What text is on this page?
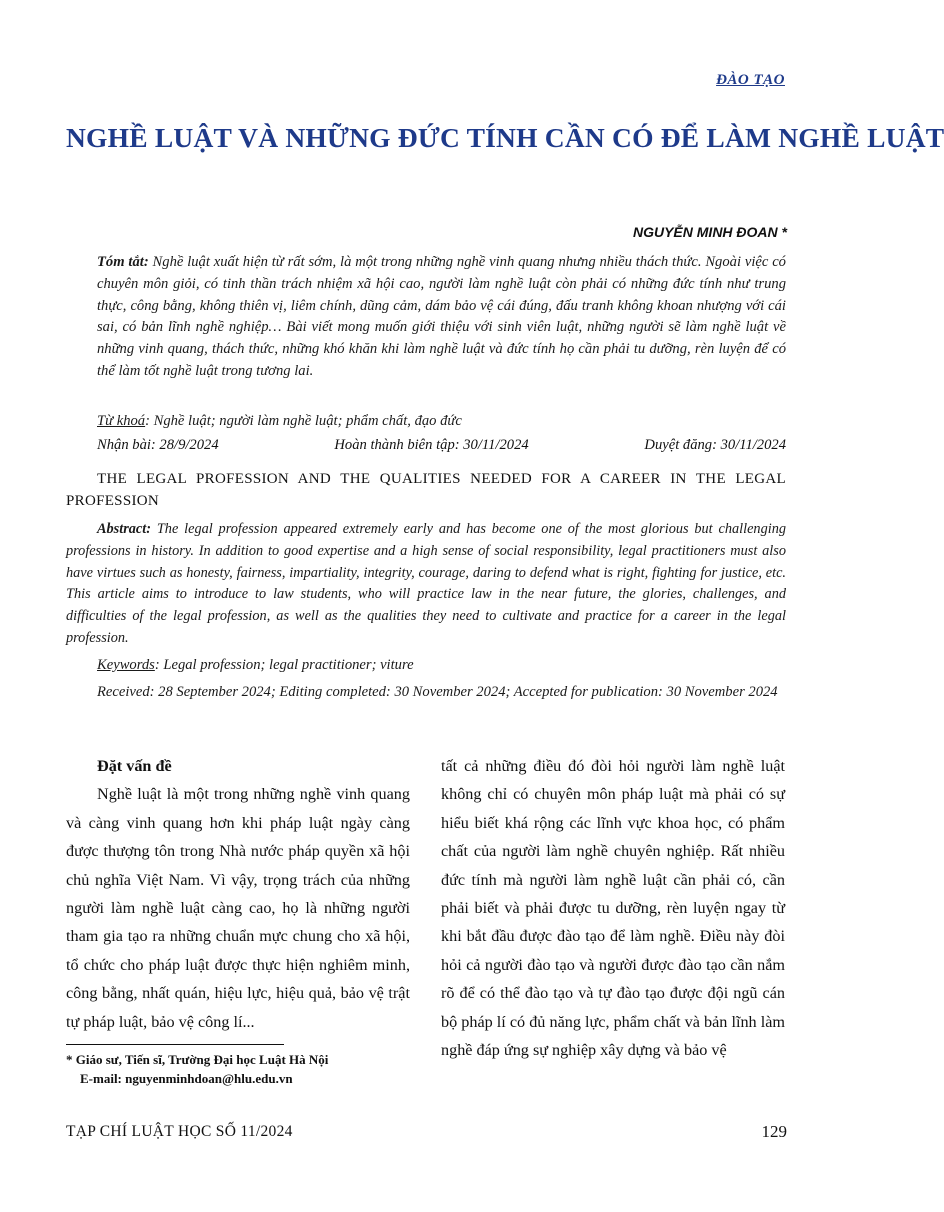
ĐÀO TẠO
NGHỀ LUẬT VÀ NHỮNG ĐỨC TÍNH CẦN CÓ ĐỂ LÀM NGHỀ LUẬT
NGUYỄN MINH ĐOAN *
Tóm tắt: Nghề luật xuất hiện từ rất sớm, là một trong những nghề vinh quang nhưng nhiều thách thức. Ngoài việc có chuyên môn giỏi, có tinh thần trách nhiệm xã hội cao, người làm nghề luật còn phải có những đức tính như trung thực, công bằng, không thiên vị, liêm chính, dũng cảm, dám bảo vệ cái đúng, đấu tranh không khoan nhượng với cái sai, có bản lĩnh nghề nghiệp… Bài viết mong muốn giới thiệu với sinh viên luật, những người sẽ làm nghề luật về những vinh quang, thách thức, những khó khăn khi làm nghề luật và đức tính họ cần phải tu dưỡng, rèn luyện để có thể làm tốt nghề luật trong tương lai.
Từ khoá: Nghề luật; người làm nghề luật; phẩm chất, đạo đức
Nhận bài: 28/9/2024	Hoàn thành biên tập: 30/11/2024	Duyệt đăng: 30/11/2024
THE LEGAL PROFESSION AND THE QUALITIES NEEDED FOR A CAREER IN THE LEGAL PROFESSION
Abstract: The legal profession appeared extremely early and has become one of the most glorious but challenging professions in history. In addition to good expertise and a high sense of social responsibility, legal practitioners must also have virtues such as honesty, fairness, impartiality, integrity, courage, daring to defend what is right, fighting for justice, etc. This article aims to introduce to law students, who will practice law in the near future, the glories, challenges, and difficulties of the legal profession, as well as the qualities they need to cultivate and practice for a career in the legal profession.
Keywords: Legal profession; legal practitioner; viture
Received: 28 September 2024; Editing completed: 30 November 2024; Accepted for publication: 30 November 2024

Đặt vấn đề

Nghề luật là một trong những nghề vinh quang và càng vinh quang hơn khi pháp luật ngày càng được thượng tôn trong Nhà nước pháp quyền xã hội chủ nghĩa Việt Nam. Vì vậy, trọng trách của những người làm nghề luật càng cao, họ là những người tham gia tạo ra những chuẩn mực chung cho xã hội, tổ chức cho pháp luật được thực hiện nghiêm minh, công bằng, nhất quán, hiệu lực, hiệu quả, bảo vệ trật tự pháp luật, bảo vệ công lí...

tất cả những điều đó đòi hỏi người làm nghề luật không chỉ có chuyên môn pháp luật mà phải có sự hiểu biết khá rộng các lĩnh vực khoa học, có phẩm chất của người làm nghề chuyên nghiệp. Rất nhiều đức tính mà người làm nghề luật cần phải có, cần phải biết và phải được tu dưỡng, rèn luyện ngay từ khi bắt đầu được đào tạo để làm nghề. Điều này đòi hỏi cả người đào tạo và người được đào tạo cần nắm rõ để có thể đào tạo và tự đào tạo được đội ngũ cán bộ pháp lí có đủ năng lực, phẩm chất và bản lĩnh làm nghề đáp ứng sự nghiệp xây dựng và bảo vệ

* Giáo sư, Tiến sĩ, Trường Đại học Luật Hà Nội
E-mail: nguyenminhdoan@hlu.edu.vn
TẠP CHÍ LUẬT HỌC SỐ 11/2024	129
